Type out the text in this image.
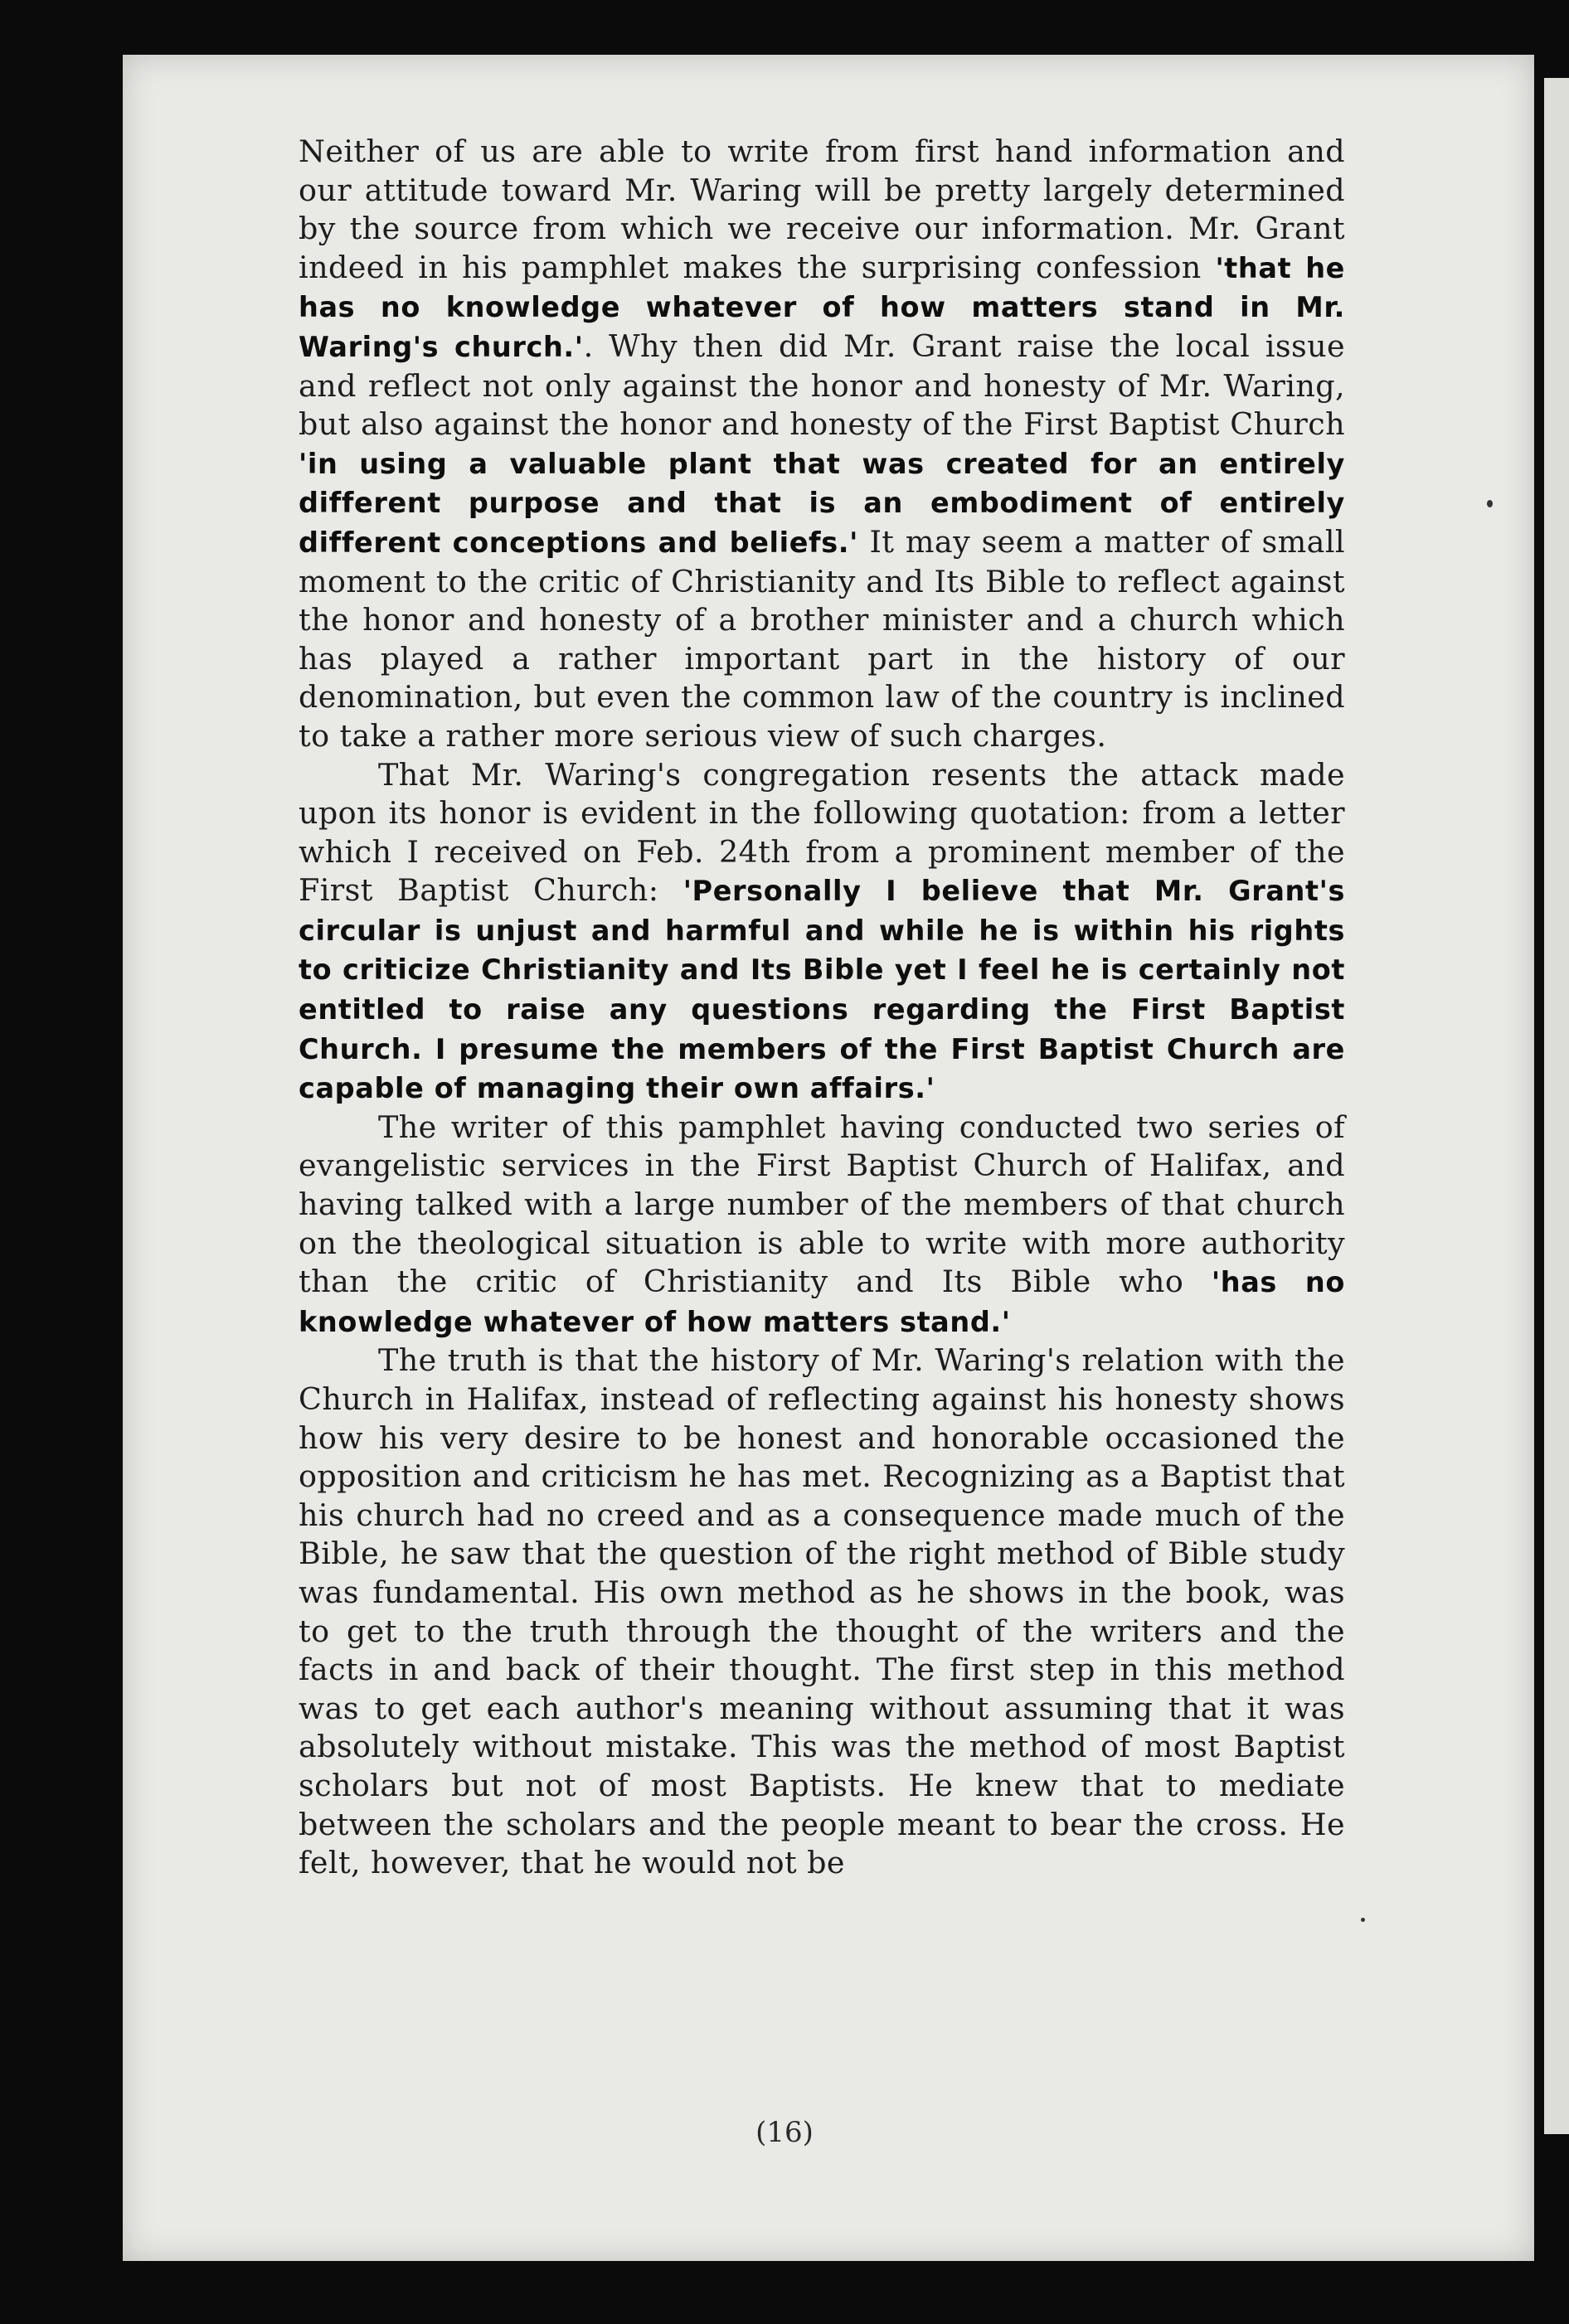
Neither of us are able to write from first hand information and our attitude toward Mr. Waring will be pretty largely determined by the source from which we receive our information. Mr. Grant indeed in his pamphlet makes the surprising confession 'that he has no knowledge whatever of how matters stand in Mr. Waring's church.'. Why then did Mr. Grant raise the local issue and reflect not only against the honor and honesty of Mr. Waring, but also against the honor and honesty of the First Baptist Church 'in using a valuable plant that was created for an entirely different purpose and that is an embodiment of entirely different conceptions and beliefs.' It may seem a matter of small moment to the critic of Christianity and Its Bible to reflect against the honor and honesty of a brother minister and a church which has played a rather important part in the history of our denomination, but even the common law of the country is inclined to take a rather more serious view of such charges.

That Mr. Waring's congregation resents the attack made upon its honor is evident in the following quotation: from a letter which I received on Feb. 24th from a prominent member of the First Baptist Church: 'Personally I believe that Mr. Grant's circular is unjust and harmful and while he is within his rights to criticize Christianity and Its Bible yet I feel he is certainly not entitled to raise any questions regarding the First Baptist Church. I presume the members of the First Baptist Church are capable of managing their own affairs.'

The writer of this pamphlet having conducted two series of evangelistic services in the First Baptist Church of Halifax, and having talked with a large number of the members of that church on the theological situation is able to write with more authority than the critic of Christianity and Its Bible who 'has no knowledge whatever of how matters stand.'

The truth is that the history of Mr. Waring's relation with the Church in Halifax, instead of reflecting against his honesty shows how his very desire to be honest and honorable occasioned the opposition and criticism he has met. Recognizing as a Baptist that his church had no creed and as a consequence made much of the Bible, he saw that the question of the right method of Bible study was fundamental. His own method as he shows in the book, was to get to the truth through the thought of the writers and the facts in and back of their thought. The first step in this method was to get each author's meaning without assuming that it was absolutely without mistake. This was the method of most Baptist scholars but not of most Baptists. He knew that to mediate between the scholars and the people meant to bear the cross. He felt, however, that he would not be

(16)
